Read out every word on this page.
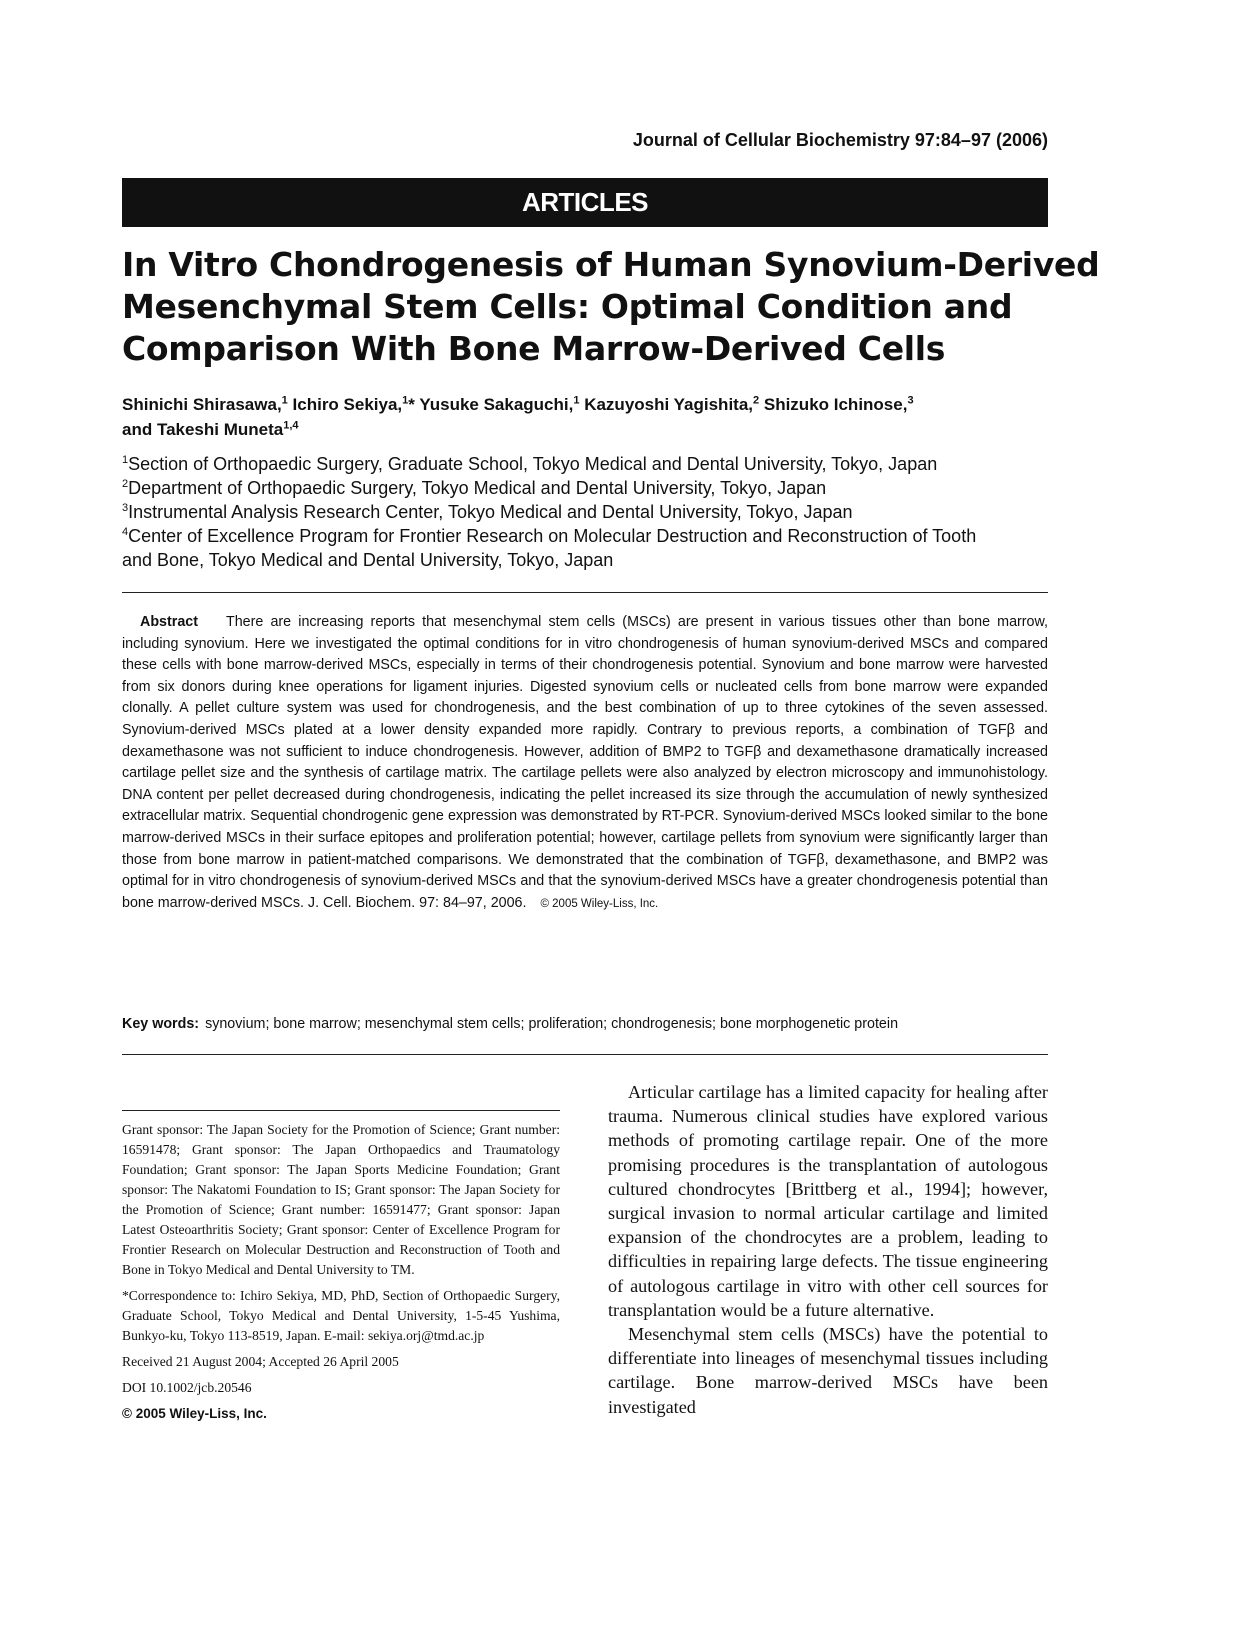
Journal of Cellular Biochemistry 97:84–97 (2006)
ARTICLES
In Vitro Chondrogenesis of Human Synovium-Derived
Mesenchymal Stem Cells: Optimal Condition and
Comparison With Bone Marrow-Derived Cells
Shinichi Shirasawa,$^1$ Ichiro Sekiya,$^1$* Yusuke Sakaguchi,$^1$ Kazuyoshi Yagishita,$^2$ Shizuko Ichinose,$^3$
and Takeshi Muneta$^{1,4}$
$^1$Section of Orthopaedic Surgery, Graduate School, Tokyo Medical and Dental University, Tokyo, Japan
$^2$Department of Orthopaedic Surgery, Tokyo Medical and Dental University, Tokyo, Japan
$^3$Instrumental Analysis Research Center, Tokyo Medical and Dental University, Tokyo, Japan
$^4$Center of Excellence Program for Frontier Research on Molecular Destruction and Reconstruction of Tooth
and Bone, Tokyo Medical and Dental University, Tokyo, Japan
Abstract There are increasing reports that mesenchymal stem cells (MSCs) are present in various tissues other than bone marrow, including synovium. Here we investigated the optimal conditions for in vitro chondrogenesis of human synovium-derived MSCs and compared these cells with bone marrow-derived MSCs, especially in terms of their chondrogenesis potential. Synovium and bone marrow were harvested from six donors during knee operations for ligament injuries. Digested synovium cells or nucleated cells from bone marrow were expanded clonally. A pellet culture system was used for chondrogenesis, and the best combination of up to three cytokines of the seven assessed. Synovium-derived MSCs plated at a lower density expanded more rapidly. Contrary to previous reports, a combination of TGFβ and dexamethasone was not sufficient to induce chondrogenesis. However, addition of BMP2 to TGFβ and dexamethasone dramatically increased cartilage pellet size and the synthesis of cartilage matrix. The cartilage pellets were also analyzed by electron microscopy and immunohistology. DNA content per pellet decreased during chondrogenesis, indicating the pellet increased its size through the accumulation of newly synthesized extracellular matrix. Sequential chondrogenic gene expression was demonstrated by RT-PCR. Synovium-derived MSCs looked similar to the bone marrow-derived MSCs in their surface epitopes and proliferation potential; however, cartilage pellets from synovium were significantly larger than those from bone marrow in patient-matched comparisons. We demonstrated that the combination of TGFβ, dexamethasone, and BMP2 was optimal for in vitro chondrogenesis of synovium-derived MSCs and that the synovium-derived MSCs have a greater chondrogenesis potential than bone marrow-derived MSCs. J. Cell. Biochem. 97: 84–97, 2006. © 2005 Wiley-Liss, Inc.
Key words: synovium; bone marrow; mesenchymal stem cells; proliferation; chondrogenesis; bone morphogenetic protein

Grant sponsor: The Japan Society for the Promotion of Science; Grant number: 16591478; Grant sponsor: The Japan Orthopaedics and Traumatology Foundation; Grant sponsor: The Japan Sports Medicine Foundation; Grant sponsor: The Nakatomi Foundation to IS; Grant sponsor: The Japan Society for the Promotion of Science; Grant number: 16591477; Grant sponsor: Japan Latest Osteoarthritis Society; Grant sponsor: Center of Excellence Program for Frontier Research on Molecular Destruction and Reconstruction of Tooth and Bone in Tokyo Medical and Dental University to TM.

*Correspondence to: Ichiro Sekiya, MD, PhD, Section of Orthopaedic Surgery, Graduate School, Tokyo Medical and Dental University, 1-5-45 Yushima, Bunkyo-ku, Tokyo 113-8519, Japan. E-mail: sekiya.orj@tmd.ac.jp

Received 21 August 2004; Accepted 26 April 2005

DOI 10.1002/jcb.20546

© 2005 Wiley-Liss, Inc.

Articular cartilage has a limited capacity for healing after trauma. Numerous clinical studies have explored various methods of promoting cartilage repair. One of the more promising procedures is the transplantation of autologous cultured chondrocytes [Brittberg et al., 1994]; however, surgical invasion to normal articular cartilage and limited expansion of the chondrocytes are a problem, leading to difficulties in repairing large defects. The tissue engineering of autologous cartilage in vitro with other cell sources for transplantation would be a future alternative.

Mesenchymal stem cells (MSCs) have the potential to differentiate into lineages of mesenchymal tissues including cartilage. Bone marrow-derived MSCs have been investigated
